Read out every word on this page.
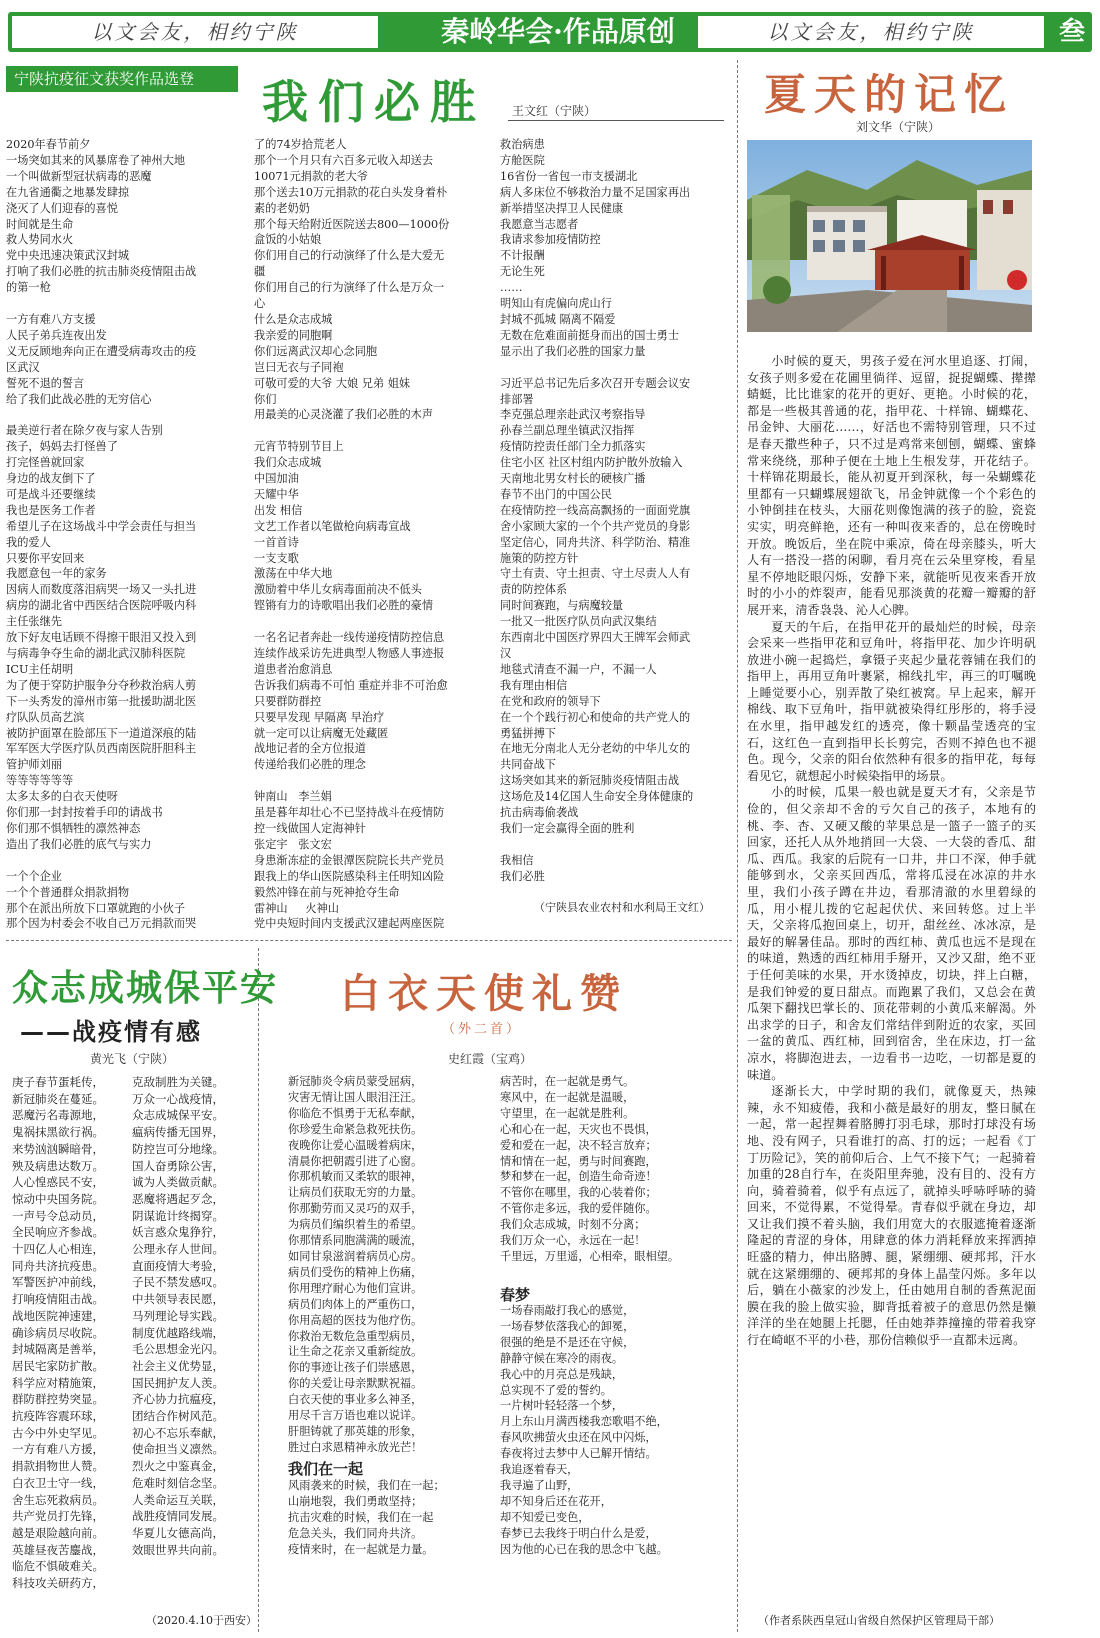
以文会友，相约宁陕	秦岭华会·作品原创	以文会友，相约宁陕	叁
宁陕抗疫征文获奖作品选登	我们必胜 王文红（宁陕）
2020年春节前夕
一场突如其来的风暴席卷了神州大地
一个叫做新型冠状病毒的恶魔
在九省通衢之地暴发肆掠
浇灭了人们迎春的喜悦
时间就是生命
救人势同水火
党中央迅速决策武汉封城
打响了我们必胜的抗击肺炎疫情阻击战
的第一枪

一方有难八方支援
人民子弟兵连夜出发
义无反顾地奔向正在遭受病毒攻击的疫
区武汉
誓死不退的誓言
给了我们此战必胜的无穷信心

最美逆行者在除夕夜与家人告别
孩子，妈妈去打怪兽了
打完怪兽就回家
身边的战友倒下了
可是战斗还要继续
我也是医务工作者
希望儿子在这场战斗中学会责任与担当
我的爱人
只要你平安回来
我愿意包一年的家务
因病人而数度落泪病哭一场又一头扎进
病房的湖北省中西医结合医院呼吸内科
主任张继先
放下好友电话顾不得擦干眼泪又投入到
与病毒争夺生命的湖北武汉肺科医院
ICU主任胡明
为了便于穿防护服争分夺秒救治病人剪
下一头秀发的漳州市第一批援助湖北医
疗队队员高艺滨
被防护面罩在脸部压下一道道深痕的陆
军军医大学医疗队员西南医院肝胆科主
管护师刘丽
等等等等等等
太多太多的白衣天使呀
你们那一封封按着手印的请战书
你们那不惧牺牲的凛然神态
造出了我们必胜的底气与实力

一个个企业
一个个普通群众捐款捐物
那个在派出所放下口罩就跑的小伙子
那个因为村委会不收自己万元捐款而哭
了的74岁拾荒老人
那个一个月只有六百多元收入却送去
10071元捐款的老大爷
那个送去10万元捐款的花白头发身着朴
素的老奶奶
那个每天给附近医院送去800—1000份
盒饭的小姑娘
你们用自己的行动演绎了什么是大爱无
疆
你们用自己的行为演绎了什么是万众一
心
什么是众志成城
我亲爱的同胞啊
你们远离武汉却心念同胞
岂曰无衣与子同袍
可敬可爱的大爷 大娘 兄弟 姐妹
你们
用最美的心灵浇灌了我们必胜的木声

元宵节特别节目上
我们众志成城
中国加油
天耀中华
出发 相信
文艺工作者以笔做枪向病毒宣战
一首首诗
一支支歌
激荡在中华大地
激励着中华儿女病毒面前决不低头
铿锵有力的诗歌唱出我们必胜的豪情

一名名记者奔赴一线传递疫情防控信息
连续作战采访先进典型人物感人事迹报
道患者治愈消息
告诉我们病毒不可怕 重症并非不可治愈
只要群防群控
只要早发现 早隔离 早治疗
就一定可以让病魔无处藏匿
战地记者的全方位报道
传递给我们必胜的理念

钟南山   李兰娟
虽是暮年却壮心不已坚持战斗在疫情防
控一线做国人定海神针
张定宇   张文宏
身患渐冻症的金银潭医院院长共产党员
跟我上的华山医院感染科主任明知凶险
毅然冲锋在前与死神抢夺生命
雷神山     火神山
党中央短时间内支援武汉建起两座医院
救治病患
方舱医院
16省份一省包一市支援湖北
病人多床位不够救治力量不足国家再出
新举措坚决捍卫人民健康
我愿意当志愿者
我请求参加疫情防控
不计报酬
无论生死
……
明知山有虎偏向虎山行
封城不孤城 隔离不隔爱
无数在危难面前挺身而出的国士勇士
显示出了我们必胜的国家力量

习近平总书记先后多次召开专题会议安
排部署
李克强总理亲赴武汉考察指导
孙春兰副总理坐镇武汉指挥
疫情防控责任部门全力抓落实
住宅小区 社区村组内防护散外放输入
天南地北男女村长的硬核广播
春节不出门的中国公民
在疫情防控一线高高飘扬的一面面党旗
舍小家顾大家的一个个共产党员的身影
坚定信心，同舟共济、科学防治、精准
施策的防控方针
守土有责、守土担责、守土尽责人人有
责的防控体系
同时间赛跑，与病魔较量
一批又一批医疗队员向武汉集结
东西南北中国医疗界四大王牌军会师武
汉
地毯式清查不漏一户，不漏一人
我有理由相信
在党和政府的领导下
在一个个践行初心和使命的共产党人的
勇猛拼搏下
在地无分南北人无分老幼的中华儿女的
共同奋战下
这场突如其来的新冠肺炎疫情阻击战
这场危及14亿国人生命安全身体健康的
抗击病毒偷袭战
我们一定会赢得全面的胜利

我相信
我们必胜
（宁陕县农业农村和水利局王文红）
夏天的记忆
刘文华（宁陕）

小时候的夏天，男孩子爱在河水里追逐、打闹，女孩子则多爱在花圃里徜徉、逗留，捉捉蝴蝶、撵撵蜻蜓，比比谁家的花开的更好、更艳。小时候的花，都是一些极其普通的花，指甲花、十样锦、蝴蝶花、吊金钟、大丽花……，好活也不需特别管理，只不过是春天撒些种子，只不过是鸡常来刨刨，蝴蝶、蜜蜂常来绕绕，那种子便在土地上生根发芽，开花结子。十样锦花期最长，能从初夏开到深秋，每一朵蝴蝶花里都有一只蝴蝶展翅欲飞，吊金钟就像一个个彩色的小钟倒挂在枝头，大丽花则像饱满的孩子的脸，瓷瓷实实，明亮鲜艳，还有一种叫夜来香的，总在傍晚时开放。晚饭后，坐在院中乘凉，倚在母亲膝头，听大人有一搭没一搭的闲聊，看月亮在云朵里穿梭，看星星不停地眨眼闪烁，安静下来，就能听见夜来香开放时的小小的炸裂声，能看见那淡黄的花瓣一瓣瓣的舒展开来，清香袅袅、沁人心脾。

夏天的午后，在指甲花开的最灿烂的时候，母亲会采来一些指甲花和豆角叶，将指甲花、加少许明矾放进小碗一起捣烂，拿镊子夹起少量花蓉铺在我们的指甲上，再用豆角叶裹紧，棉线扎牢，再三的叮嘱晚上睡觉要小心，别弄散了染红被窝。早上起来，解开棉线、取下豆角叶，指甲就被染得红彤彤的，将手浸在水里，指甲越发红的透亮，像十颗晶莹透亮的宝石，这红色一直到指甲长长剪完，否则不掉色也不褪色。现今，父亲的阳台依然种有很多的指甲花，每每看见它，就想起小时候染指甲的场景。

小的时候，瓜果一般也就是夏天才有，父亲是节俭的，但父亲却不舍的亏欠自己的孩子，本地有的桃、李、杏、又硬又酸的苹果总是一篮子一篮子的买回家，还托人从外地捎回一大袋、一大袋的香瓜、甜瓜、西瓜。我家的后院有一口井，井口不深，伸手就能够到水，父亲买回西瓜，常将瓜浸在冰凉的井水里，我们小孩子蹲在井边，看那清澈的水里碧绿的瓜，用小棍儿拨的它起起伏伏、来回转悠。过上半天，父亲将瓜抱回桌上，切开，甜丝丝、冰冰凉，是最好的解暑佳品。那时的西红柿、黄瓜也远不是现在的味道，熟透的西红柿用手掰开，又沙又甜，绝不亚于任何美味的水果，开水烫掉皮，切块，拌上白糖，是我们钟爱的夏日甜点。而跑累了我们，又总会在黄瓜架下翻找巴掌长的、顶花带刺的小黄瓜来解渴。外出求学的日子，和舍友们常结伴到附近的农家，买回一盆的黄瓜、西红柿，回到宿舍，坐在床边，打一盆凉水，将脚泡进去，一边看书一边吃，一切都是夏的味道。

逐渐长大，中学时期的我们，就像夏天，热辣辣，永不知疲倦，我和小薇是最好的朋友，整日腻在一起，常一起捏舞着胳膊打羽毛球，那时打球没有场地、没有网子，只看谁打的高、打的远；一起看《丁丁历险记》，笑的前仰后合、上气不接下气；一起骑着加重的28自行车，在炎阳里奔驰，没有目的、没有方向，骑着骑着，似乎有点远了，就掉头呼哧呼哧的骑回来，不觉得累，不觉得晕。青春似乎就在身边，却又让我们摸不着头脑，我们用宽大的衣服遮掩着逐渐隆起的青涩的身体，用肆意的体力消耗释放来挥洒掉旺盛的精力，伸出胳膊、腿，紧绷绷、硬邦邦，汗水就在这紧绷绷的、硬邦邦的身体上晶莹闪烁。多年以后，躺在小薇家的沙发上，任由她用自制的香蕉泥面膜在我的脸上做实验，脚背抵着被子的意思仍然是懒洋洋的坐在她腿上托腮，任由她莽莽撞撞的带着我穿行在崎岖不平的小巷，那份信赖似乎一直都未远离。

（作者系陕西皇冠山省级自然保护区管理局干部）
众志成城保平安
——战疫情有感
黄光飞（宁陕）
庚子春节蛋耗传，
新冠肺炎在蔓延。
恶魔污名毒源地，
鬼祸抹黑欲行祸。
来势汹汹瞬暗骨，
殃及病患达数万。
人心惶惑民不安，
惊动中央国务院。
一声号令总动员，
全民响应齐参战。
十四亿人心相连，
同舟共济抗疫患。
军警医护冲前线，
打响疫情阻击战。
战地医院神速建，
确诊病员尽收院。
封城隔离是善举，
居民宅家防扩散。
科学应对精施策，
群防群控势突显。
抗疫阵容震环球，
古今中外史罕见。
一方有难八方援，
捐款捐物世人赞。
白衣卫士守一线，
舍生忘死救病员。
共产党员打先锋，
越是艰险越向前。
英雄昼夜苦鏖战，
临危不惧破难关。
科技攻关研药方，
克敌制胜为关键。
万众一心战疫情，
众志成城保平安。
瘟病传播无国界，
防控岂可分地缘。
国人奋勇除公害，
诚为人类做贡献。
恶魔将遇起歹念，
阴谋诡计终揭穿。
妖言惑众鬼狰狞，
公理永存人世间。
直面疫情大考验，
子民不禁发感叹。
中共领导表民愿，
马列理论导实践。
制度优越路线端，
毛公思想金光闪。
社会主义优势显，
国民拥护友人羡。
齐心协力抗瘟疫，
团结合作树风范。
初心不忘乐奉献，
使命担当义凛然。
烈火之中鉴真金，
危难时刻信念坚。
人类命运互关联，
战胜疫情同发展。
华夏儿女德高尚，
效眼世界共向前。
（2020.4.10于西安）
白衣天使礼赞
（外二首）
史红霞（宝鸡）
新冠肺炎令病员蒙受屈病，
灾害无情让国人眼泪汪汪。
你临危不惧勇于无私奉献，
你珍爱生命紧急救死扶伤。
夜晚你让爱心温暖着病床，
清晨你把朝霞引进了心窗。
你那机敏而又柔软的眼神，
让病员们获取无穷的力量。
你那勤劳而又灵巧的双手，
为病员们编织着生的希望。
你那情系同胞满满的暖流，
如同甘泉滋润着病员心房。
病员们受伤的精神上伤痛，
你用理疗耐心为他们宣讲。
病员们肉体上的严重伤口，
你用高超的医技为他疗伤。
你救治无数危急重型病员，
让生命之花亲又重新绽放。
你的事迹让孩子们崇感恩，
你的关爱让母亲默默祝福。
白衣天使的事业多么神圣，
用尽千言万语也难以说详。
肝胆铸就了那英雄的形象，
胜过白求恩精神永放光芒！
我们在一起
风雨袭来的时候，我们在一起；
山崩地裂，我们勇敢坚持；
抗击灾难的时候，我们在一起
危急关头，我们同舟共济。
疫情来时，在一起就是力量。
病苦时，在一起就是勇气。
寒风中，在一起就是温暖，
守望里，在一起就是胜利。
心和心在一起，天灾也不畏惧，
爱和爱在一起，决不轻言放弃；
情和情在一起，勇与时间赛跑，
梦和梦在一起，创造生命奇迹！
不管你在哪里，我的心装着你；
不管你走多远，我的爱伴随你。
我们众志成城，时刻不分离；
我们万众一心，永远在一起！
千里远，万里遥，心相牵，眼相望。
春梦
一场春雨敲打我心的感觉，
一场春梦依落我心的卸冕，
很强的绝是不是还在守候，
静静守候在寒冷的雨夜。
我心中的月亮总是残缺，
总实现不了爱的誓约。
一片树叶轻轻落一个梦，
月上东山月满西楼我恋歌唱不绝，
春风吹拂萤火虫还在风中闪烁，
春夜将过去梦中人已解开情结。
我追逐着春天，
我寻遍了山野，
却不知身后还在花开，
却不知爱已变色，
春梦已去我终于明白什么是爱，
因为他的心已在我的思念中飞越。
